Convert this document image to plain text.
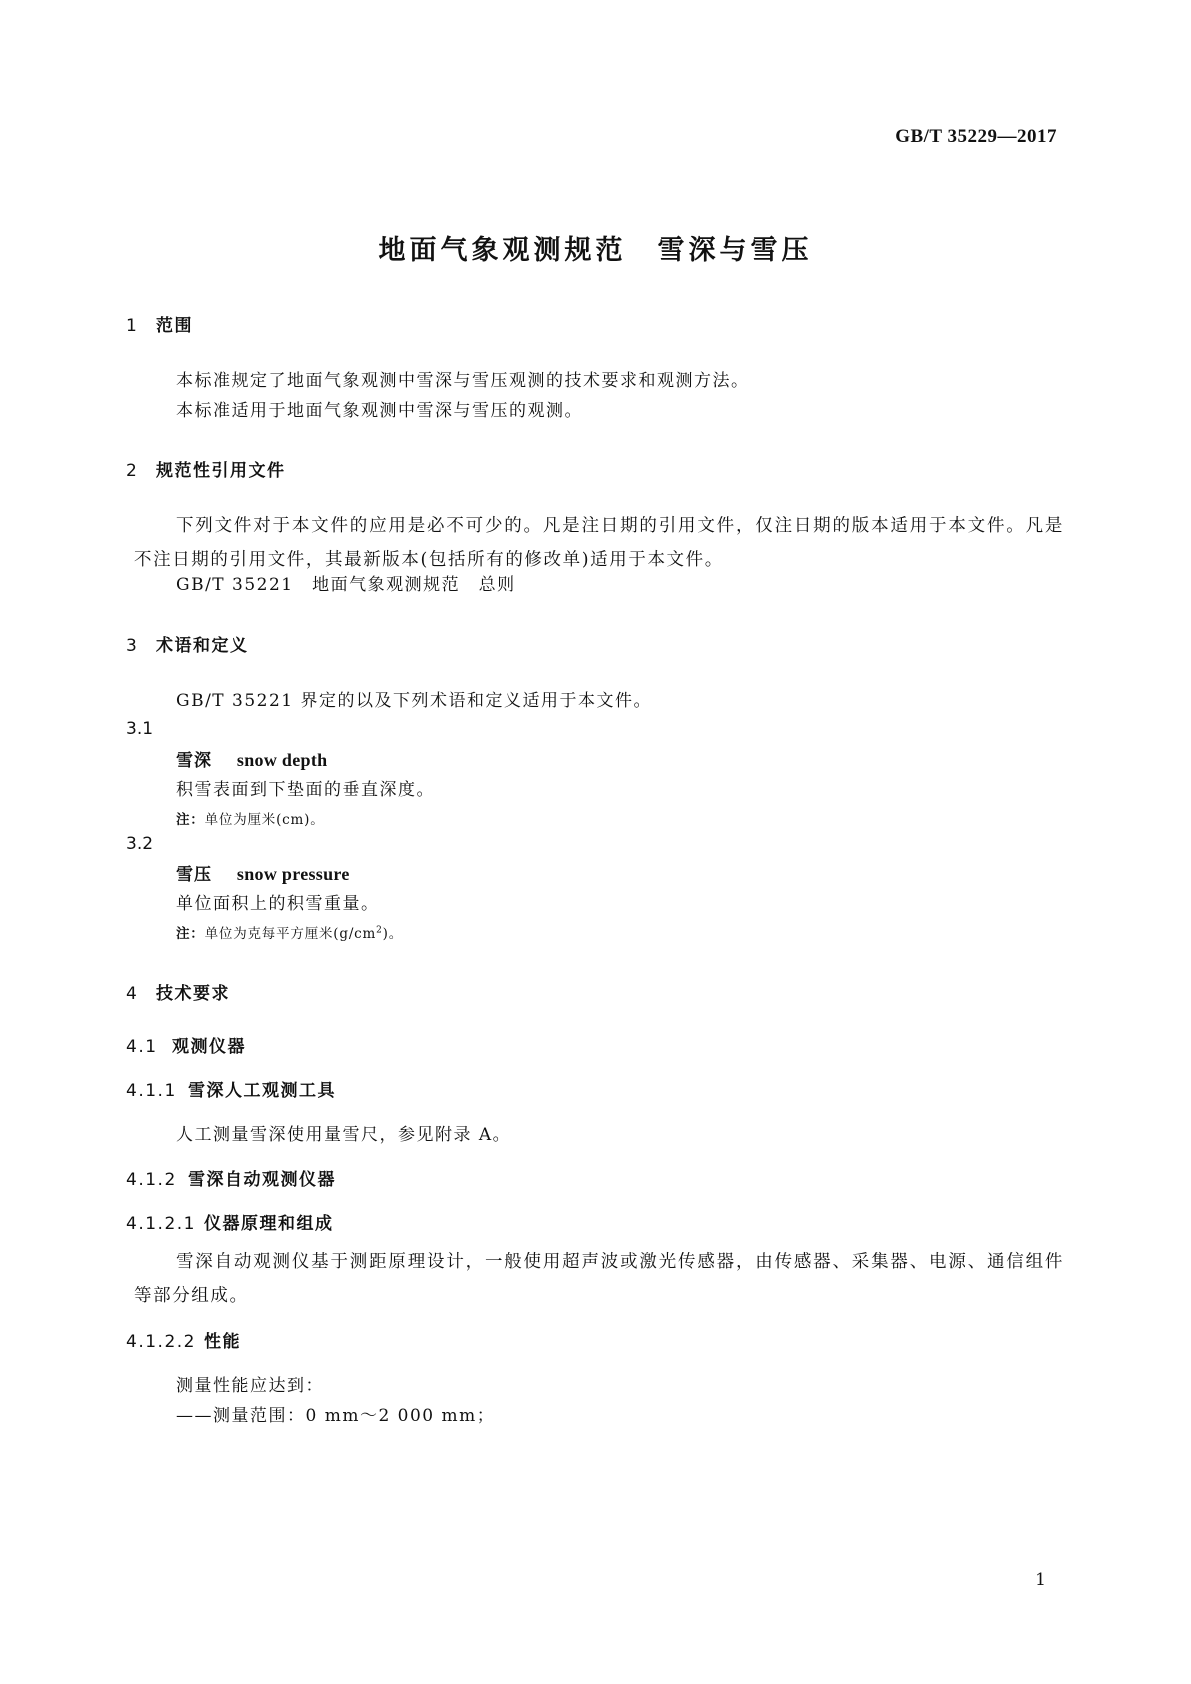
GB/T 35229—2017
地面气象观测规范　雪深与雪压
1 范围
本标准规定了地面气象观测中雪深与雪压观测的技术要求和观测方法。
本标准适用于地面气象观测中雪深与雪压的观测。
2 规范性引用文件
下列文件对于本文件的应用是必不可少的。凡是注日期的引用文件，仅注日期的版本适用于本文件。凡是不注日期的引用文件，其最新版本(包括所有的修改单)适用于本文件。
GB/T 35221　地面气象观测规范　总则
3 术语和定义
GB/T 35221 界定的以及下列术语和定义适用于本文件。
3.1
雪深　 snow depth
积雪表面到下垫面的垂直深度。
注：单位为厘米(cm)。
3.2
雪压　 snow pressure
单位面积上的积雪重量。
注：单位为克每平方厘米$(g/cm^2)$。
4 技术要求
4.1 观测仪器
4.1.1 雪深人工观测工具
人工测量雪深使用量雪尺，参见附录 A。
4.1.2 雪深自动观测仪器
4.1.2.1 仪器原理和组成
雪深自动观测仪基于测距原理设计，一般使用超声波或激光传感器，由传感器、采集器、电源、通信组件等部分组成。
4.1.2.2 性能
测量性能应达到：
——测量范围：0 mm～2 000 mm；
1
